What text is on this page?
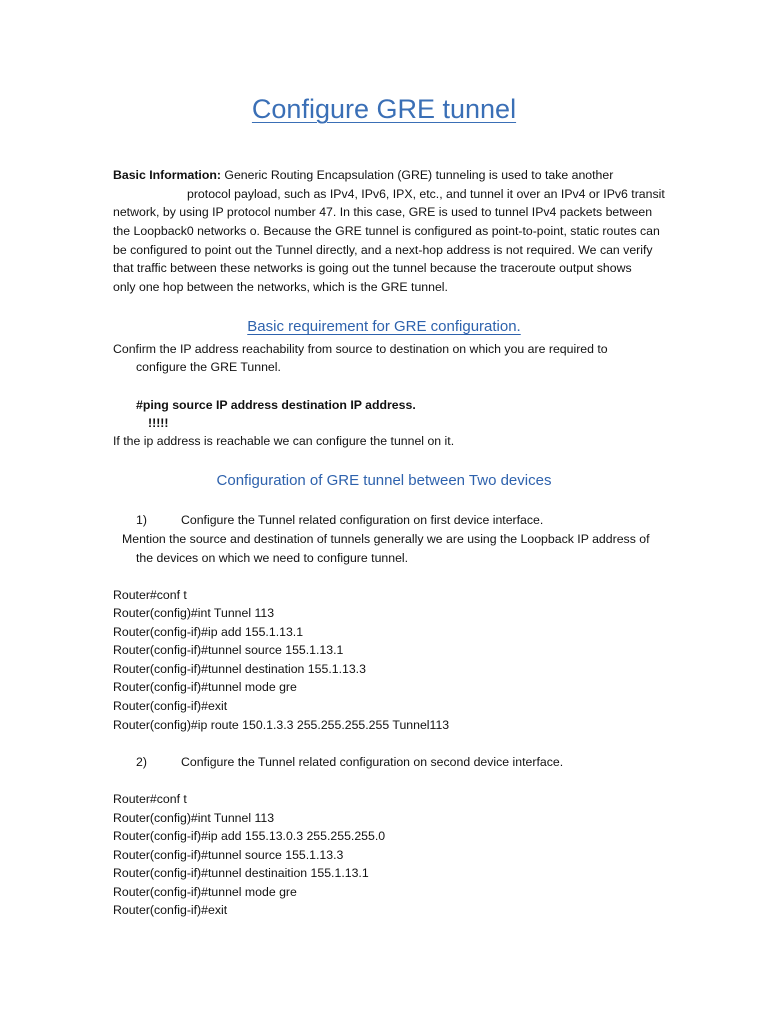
Configure GRE tunnel
Basic Information: Generic Routing Encapsulation (GRE) tunneling is used to take another
protocol payload, such as IPv4, IPv6, IPX, etc., and tunnel it over an IPv4 or IPv6 transit
network, by using IP protocol number 47. In this case, GRE is used to tunnel IPv4 packets between
the Loopback0 networks o. Because the GRE tunnel is configured as point-to-point, static routes can
be configured to point out the Tunnel directly, and a next-hop address is not required. We can verify
that traffic between these networks is going out the tunnel because the traceroute output shows
only one hop between the networks, which is the GRE tunnel.
Basic requirement for GRE configuration.
Confirm the IP address reachability from source to destination on which you are required to
configure the GRE Tunnel.
#ping source IP address destination IP address.
!!!!!
If the ip address is reachable we can configure the tunnel on it.
Configuration of GRE tunnel between Two devices
1)	Configure the Tunnel related configuration on first device interface.
Mention the source and destination of tunnels generally we are using the Loopback IP address of
the devices on which we need to configure tunnel.
Router#conf t
Router(config)#int Tunnel 113
Router(config-if)#ip add 155.1.13.1
Router(config-if)#tunnel source 155.1.13.1
Router(config-if)#tunnel destination 155.1.13.3
Router(config-if)#tunnel mode gre
Router(config-if)#exit
Router(config)#ip route 150.1.3.3 255.255.255.255 Tunnel113
2)	Configure the Tunnel related configuration on second device interface.
Router#conf t
Router(config)#int Tunnel 113
Router(config-if)#ip add 155.13.0.3 255.255.255.0
Router(config-if)#tunnel source 155.1.13.3
Router(config-if)#tunnel destinaition 155.1.13.1
Router(config-if)#tunnel mode gre
Router(config-if)#exit
